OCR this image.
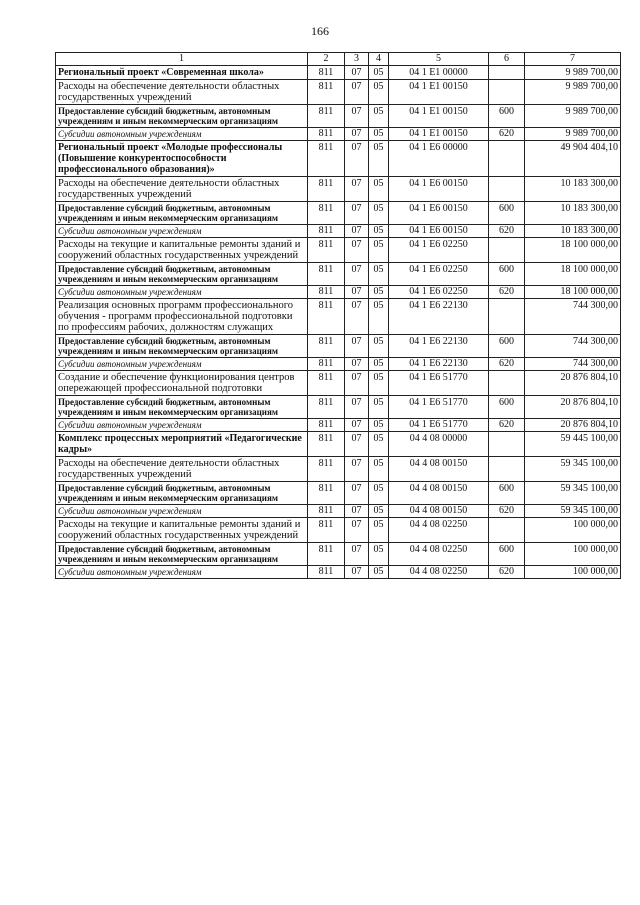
166
1	2	3	4	5	6	7
Региональный проект «Современная школа»	811	07	05	04 1 E1 00000		9 989 700,00
Расходы на обеспечение деятельности областных государственных учреждений	811	07	05	04 1 E1 00150		9 989 700,00
Предоставление субсидий бюджетным, автономным учреждениям и иным некоммерческим организациям	811	07	05	04 1 E1 00150	600	9 989 700,00
Субсидии автономным учреждениям	811	07	05	04 1 E1 00150	620	9 989 700,00
Региональный проект «Молодые профессионалы (Повышение конкурентоспособности профессионального образования)»	811	07	05	04 1 E6 00000		49 904 404,10
Расходы на обеспечение деятельности областных государственных учреждений	811	07	05	04 1 E6 00150		10 183 300,00
Предоставление субсидий бюджетным, автономным учреждениям и иным некоммерческим организациям	811	07	05	04 1 E6 00150	600	10 183 300,00
Субсидии автономным учреждениям	811	07	05	04 1 E6 00150	620	10 183 300,00
Расходы на текущие и капитальные ремонты зданий и сооружений областных государственных учреждений	811	07	05	04 1 E6 02250		18 100 000,00
Предоставление субсидий бюджетным, автономным учреждениям и иным некоммерческим организациям	811	07	05	04 1 E6 02250	600	18 100 000,00
Субсидии автономным учреждениям	811	07	05	04 1 E6 02250	620	18 100 000,00
Реализация основных программ профессионального обучения - программ профессиональной подготовки по профессиям рабочих, должностям служащих	811	07	05	04 1 E6 22130		744 300,00
Предоставление субсидий бюджетным, автономным учреждениям и иным некоммерческим организациям	811	07	05	04 1 E6 22130	600	744 300,00
Субсидии автономным учреждениям	811	07	05	04 1 E6 22130	620	744 300,00
Создание и обеспечение функционирования центров опережающей профессиональной подготовки	811	07	05	04 1 E6 51770		20 876 804,10
Предоставление субсидий бюджетным, автономным учреждениям и иным некоммерческим организациям	811	07	05	04 1 E6 51770	600	20 876 804,10
Субсидии автономным учреждениям	811	07	05	04 1 E6 51770	620	20 876 804,10
Комплекс процессных мероприятий «Педагогические кадры»	811	07	05	04 4 08 00000		59 445 100,00
Расходы на обеспечение деятельности областных государственных учреждений	811	07	05	04 4 08 00150		59 345 100,00
Предоставление субсидий бюджетным, автономным учреждениям и иным некоммерческим организациям	811	07	05	04 4 08 00150	600	59 345 100,00
Субсидии автономным учреждениям	811	07	05	04 4 08 00150	620	59 345 100,00
Расходы на текущие и капитальные ремонты зданий и сооружений областных государственных учреждений	811	07	05	04 4 08 02250		100 000,00
Предоставление субсидий бюджетным, автономным учреждениям и иным некоммерческим организациям	811	07	05	04 4 08 02250	600	100 000,00
Субсидии автономным учреждениям	811	07	05	04 4 08 02250	620	100 000,00
